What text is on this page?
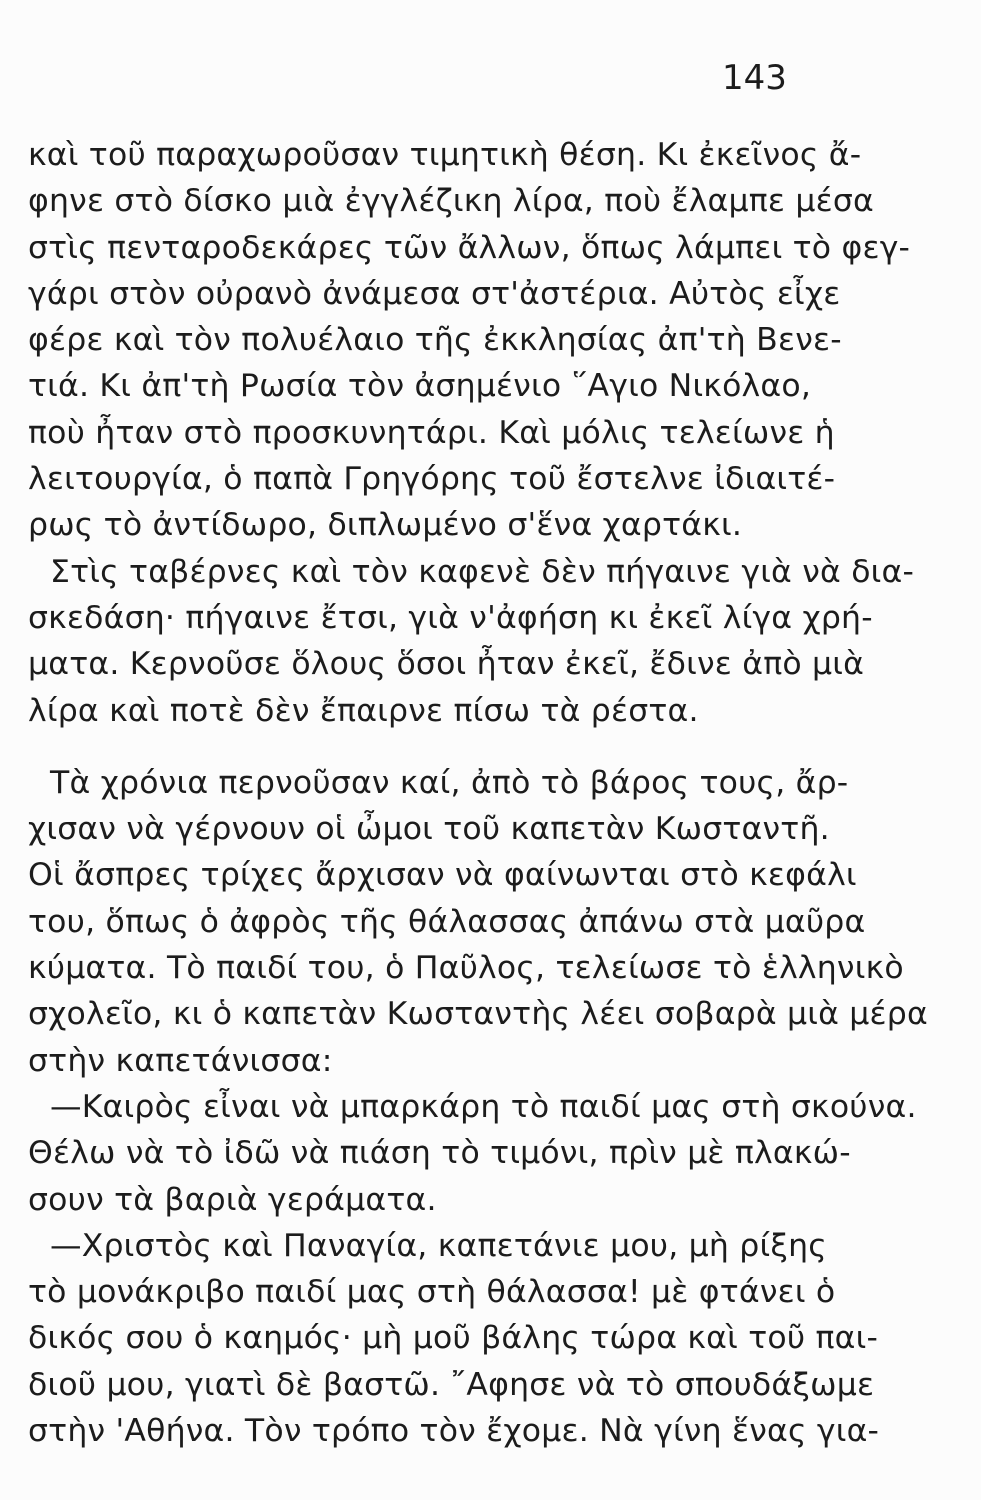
143
καὶ τοῦ παραχωροῦσαν τιμητικὴ θέση. Κι ἐκεῖνος ἄ-
φηνε στὸ δίσκο μιὰ ἐγγλέζικη λίρα, ποὺ ἔλαμπε μέσα
στὶς πενταροδεκάρες τῶν ἄλλων, ὅπως λάμπει τὸ φεγ-
γάρι στὸν οὐρανὸ ἀνάμεσα στ'ἀστέρια. Αὐτὸς εἶχε
φέρε καὶ τὸν πολυέλαιο τῆς ἐκκλησίας ἀπ'τὴ Βενε-
τιά. Κι ἀπ'τὴ Ρωσία τὸν ἀσημένιο ῞Αγιο Νικόλαο,
ποὺ ἦταν στὸ προσκυνητάρι. Καὶ μόλις τελείωνε ἡ
λειτουργία, ὁ παπὰ Γρηγόρης τοῦ ἔστελνε ἰδιαιτέ-
ρως τὸ ἀντίδωρο, διπλωμένο σ'ἕνα χαρτάκι.
Στὶς ταβέρνες καὶ τὸν καφενὲ δὲν πήγαινε γιὰ νὰ δια-
σκεδάση· πήγαινε ἔτσι, γιὰ ν'ἀφήση κι ἐκεῖ λίγα χρή-
ματα. Κερνοῦσε ὅλους ὅσοι ἦταν ἐκεῖ, ἔδινε ἀπὸ μιὰ
λίρα καὶ ποτὲ δὲν ἔπαιρνε πίσω τὰ ρέστα.
Τὰ χρόνια περνοῦσαν καί, ἀπὸ τὸ βάρος τους, ἄρ-
χισαν νὰ γέρνουν οἱ ὦμοι τοῦ καπετὰν Κωσταντῆ.
Οἱ ἄσπρες τρίχες ἄρχισαν νὰ φαίνωνται στὸ κεφάλι
του, ὅπως ὁ ἀφρὸς τῆς θάλασσας ἀπάνω στὰ μαῦρα
κύματα. Τὸ παιδί του, ὁ Παῦλος, τελείωσε τὸ ἑλληνικὸ
σχολεῖο, κι ὁ καπετὰν Κωσταντὴς λέει σοβαρὰ μιὰ μέρα
στὴν καπετάνισσα:
—Καιρὸς εἶναι νὰ μπαρκάρη τὸ παιδί μας στὴ σκούνα.
Θέλω νὰ τὸ ἰδῶ νὰ πιάση τὸ τιμόνι, πρὶν μὲ πλακώ-
σουν τὰ βαριὰ γεράματα.
—Χριστὸς καὶ Παναγία, καπετάνιε μου, μὴ ρίξης
τὸ μονάκριβο παιδί μας στὴ θάλασσα! μὲ φτάνει ὁ
δικός σου ὁ καημός· μὴ μοῦ βάλης τώρα καὶ τοῦ παι-
διοῦ μου, γιατὶ δὲ βαστῶ. ῎Αφησε νὰ τὸ σπουδάξωμε
στὴν 'Αθήνα. Τὸν τρόπο τὸν ἔχομε. Νὰ γίνη ἕνας για-
